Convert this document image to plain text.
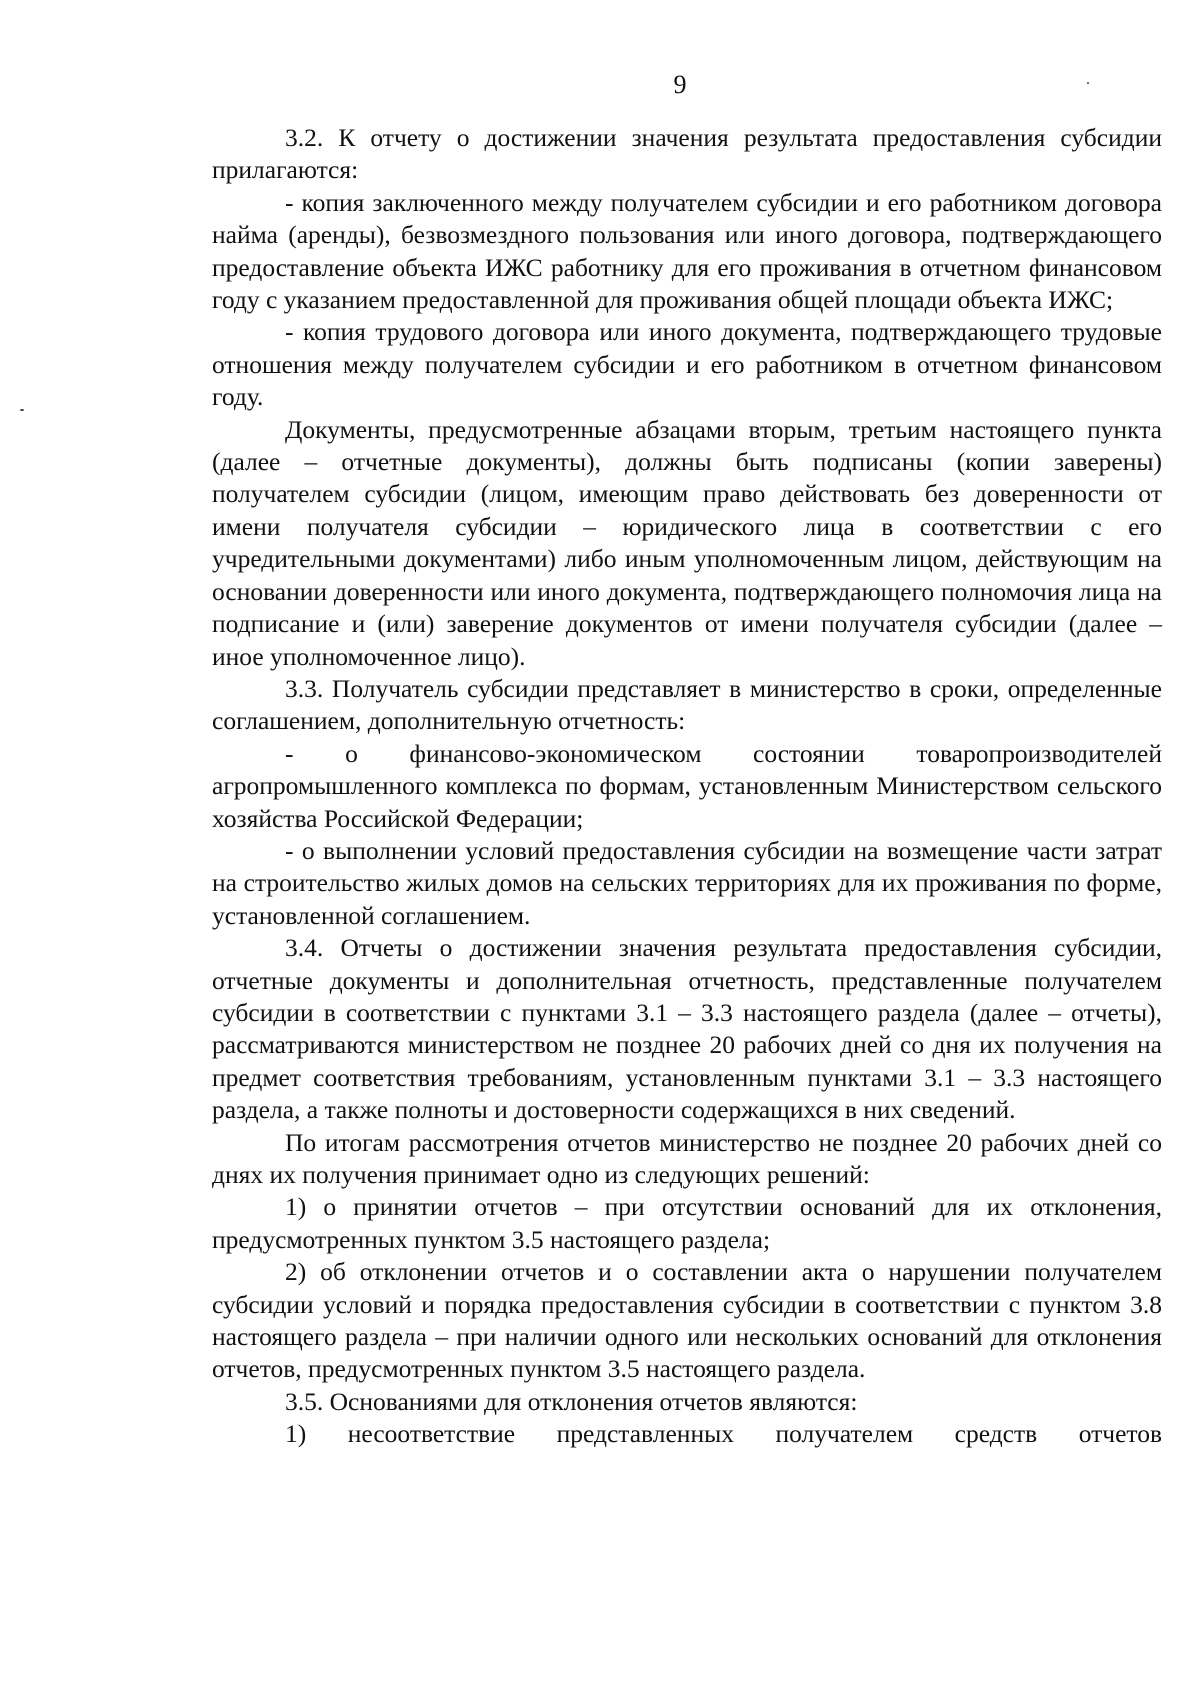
9

3.2. К отчету о достижении значения результата предоставления субсидии прилагаются:

- копия заключенного между получателем субсидии и его работником договора найма (аренды), безвозмездного пользования или иного договора, подтверждающего предоставление объекта ИЖС работнику для его проживания в отчетном финансовом году с указанием предоставленной для проживания общей площади объекта ИЖС;

- копия трудового договора или иного документа, подтверждающего трудовые отношения между получателем субсидии и его работником в отчетном финансовом году.

Документы, предусмотренные абзацами вторым, третьим настоящего пункта (далее – отчетные документы), должны быть подписаны (копии заверены) получателем субсидии (лицом, имеющим право действовать без доверенности от имени получателя субсидии – юридического лица в соответствии с его учредительными документами) либо иным уполномоченным лицом, действующим на основании доверенности или иного документа, подтверждающего полномочия лица на подписание и (или) заверение документов от имени получателя субсидии (далее – иное уполномоченное лицо).

3.3. Получатель субсидии представляет в министерство в сроки, определенные соглашением, дополнительную отчетность:

- о финансово-экономическом состоянии товаропроизводителей агропромышленного комплекса по формам, установленным Министерством сельского хозяйства Российской Федерации;

- о выполнении условий предоставления субсидии на возмещение части затрат на строительство жилых домов на сельских территориях для их проживания по форме, установленной соглашением.

3.4. Отчеты о достижении значения результата предоставления субсидии, отчетные документы и дополнительная отчетность, представленные получателем субсидии в соответствии с пунктами 3.1 – 3.3 настоящего раздела (далее – отчеты), рассматриваются министерством не позднее 20 рабочих дней со дня их получения на предмет соответствия требованиям, установленным пунктами 3.1 – 3.3 настоящего раздела, а также полноты и достоверности содержащихся в них сведений.

По итогам рассмотрения отчетов министерство не позднее 20 рабочих дней со днях их получения принимает одно из следующих решений:

1) о принятии отчетов – при отсутствии оснований для их отклонения, предусмотренных пунктом 3.5 настоящего раздела;

2) об отклонении отчетов и о составлении акта о нарушении получателем субсидии условий и порядка предоставления субсидии в соответствии с пунктом 3.8 настоящего раздела – при наличии одного или нескольких оснований для отклонения отчетов, предусмотренных пунктом 3.5 настоящего раздела.

3.5. Основаниями для отклонения отчетов являются:

1) несоответствие представленных получателем средств отчетов
